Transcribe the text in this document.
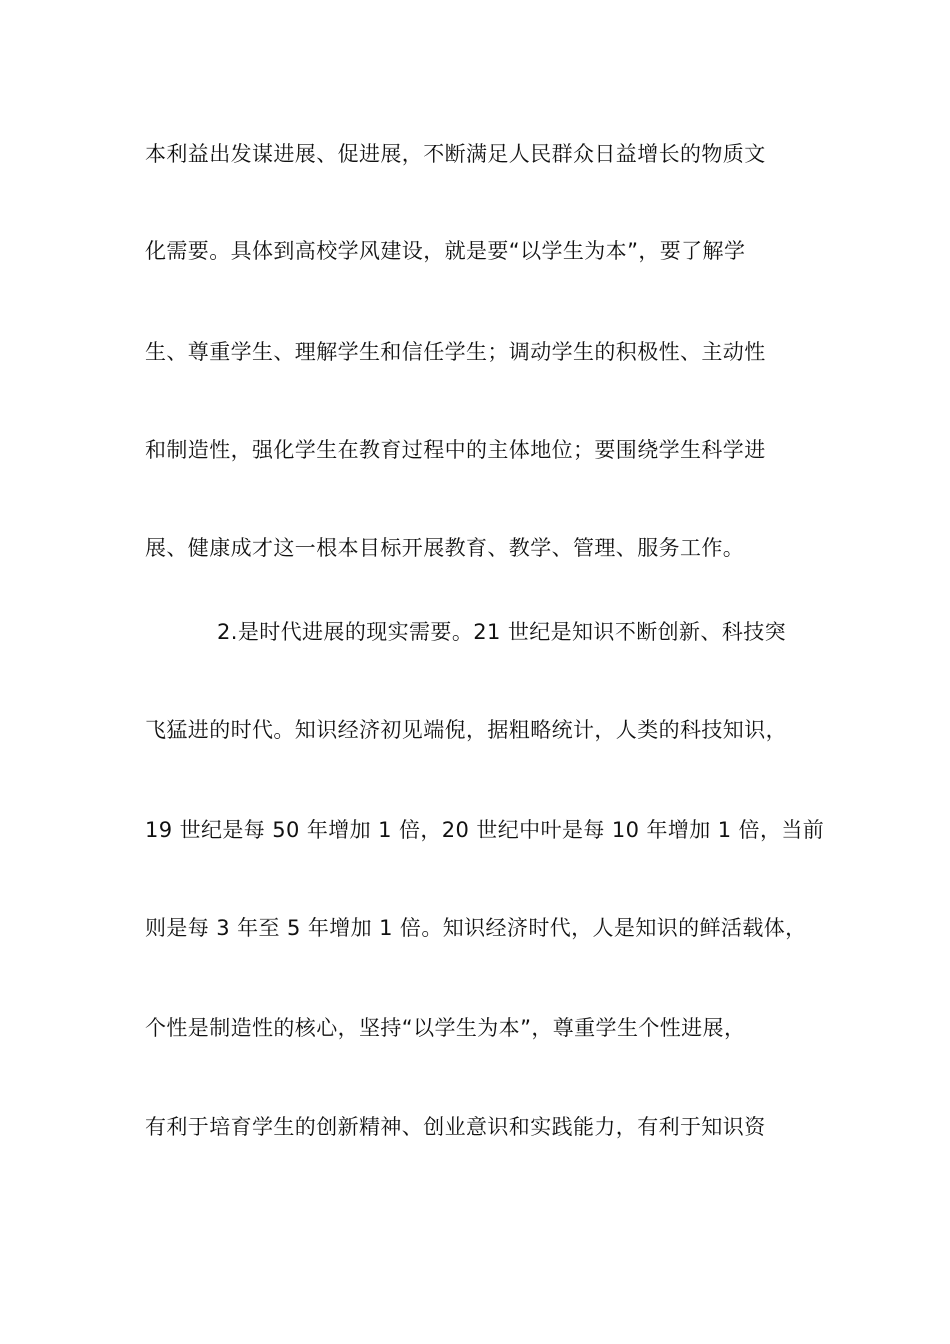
本利益出发谋进展、促进展，不断满足人民群众日益增长的物质文
化需要。具体到高校学风建设，就是要“以学生为本”，要了解学
生、尊重学生、理解学生和信任学生；调动学生的积极性、主动性
和制造性，强化学生在教育过程中的主体地位；要围绕学生科学进
展、健康成才这一根本目标开展教育、教学、管理、服务工作。
2.是时代进展的现实需要。21 世纪是知识不断创新、科技突
飞猛进的时代。知识经济初见端倪，据粗略统计，人类的科技知识，
19 世纪是每 50 年增加 1 倍，20 世纪中叶是每 10 年增加 1 倍，当前
则是每 3 年至 5 年增加 1 倍。知识经济时代，人是知识的鲜活载体，
个性是制造性的核心，坚持“以学生为本”，尊重学生个性进展，
有利于培育学生的创新精神、创业意识和实践能力，有利于知识资
